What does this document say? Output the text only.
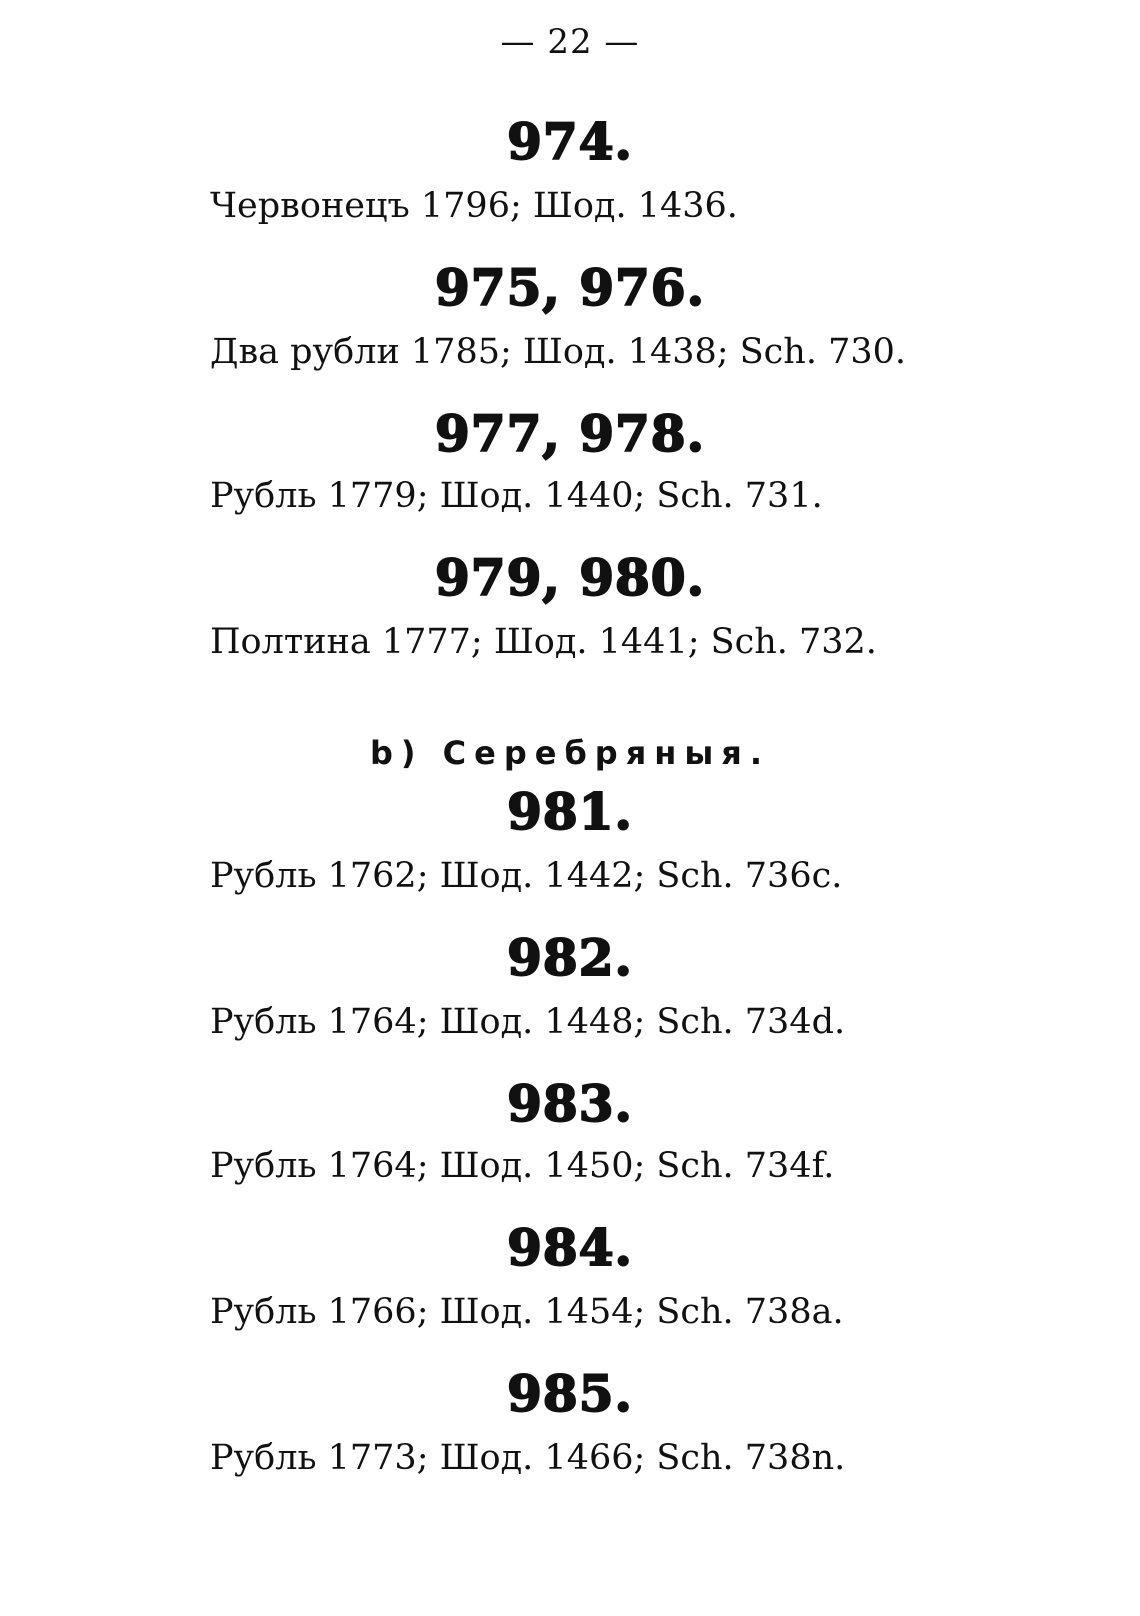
— 22 —
974.
Червонецъ 1796; Шод. 1436.
975, 976.
Два рубли 1785; Шод. 1438; Sch. 730.
977, 978.
Рубль 1779; Шод. 1440; Sch. 731.
979, 980.
Полтина 1777; Шод. 1441; Sch. 732.
b) Серебряныя.
981.
Рубль 1762; Шод. 1442; Sch. 736c.
982.
Рубль 1764; Шод. 1448; Sch. 734d.
983.
Рубль 1764; Шод. 1450; Sch. 734f.
984.
Рубль 1766; Шод. 1454; Sch. 738a.
985.
Рубль 1773; Шод. 1466; Sch. 738n.
